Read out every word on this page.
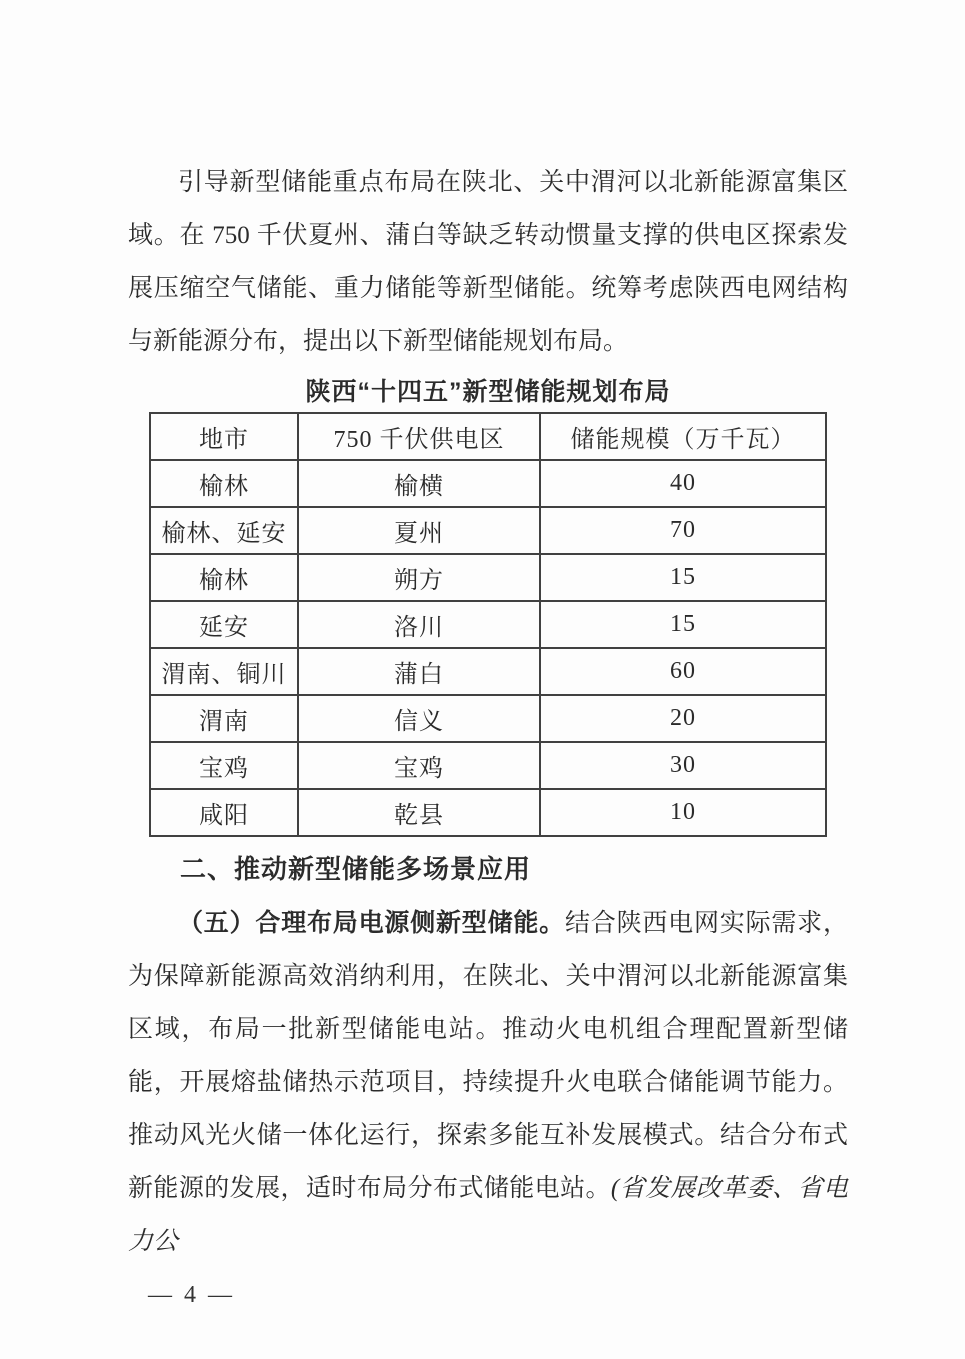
引导新型储能重点布局在陕北、关中渭河以北新能源富集区域。在 750 千伏夏州、蒲白等缺乏转动惯量支撑的供电区探索发展压缩空气储能、重力储能等新型储能。统筹考虑陕西电网结构与新能源分布，提出以下新型储能规划布局。

陕西“十四五”新型储能规划布局
地市	750 千伏供电区	储能规模（万千瓦）
榆林	榆横	40
榆林、延安	夏州	70
榆林	朔方	15
延安	洛川	15
渭南、铜川	蒲白	60
渭南	信义	20
宝鸡	宝鸡	30
咸阳	乾县	10
二、推动新型储能多场景应用

（五）合理布局电源侧新型储能。结合陕西电网实际需求，为保障新能源高效消纳利用，在陕北、关中渭河以北新能源富集区域，布局一批新型储能电站。推动火电机组合理配置新型储能，开展熔盐储热示范项目，持续提升火电联合储能调节能力。推动风光火储一体化运行，探索多能互补发展模式。结合分布式新能源的发展，适时布局分布式储能电站。(省发展改革委、省电力公

— 4 —
